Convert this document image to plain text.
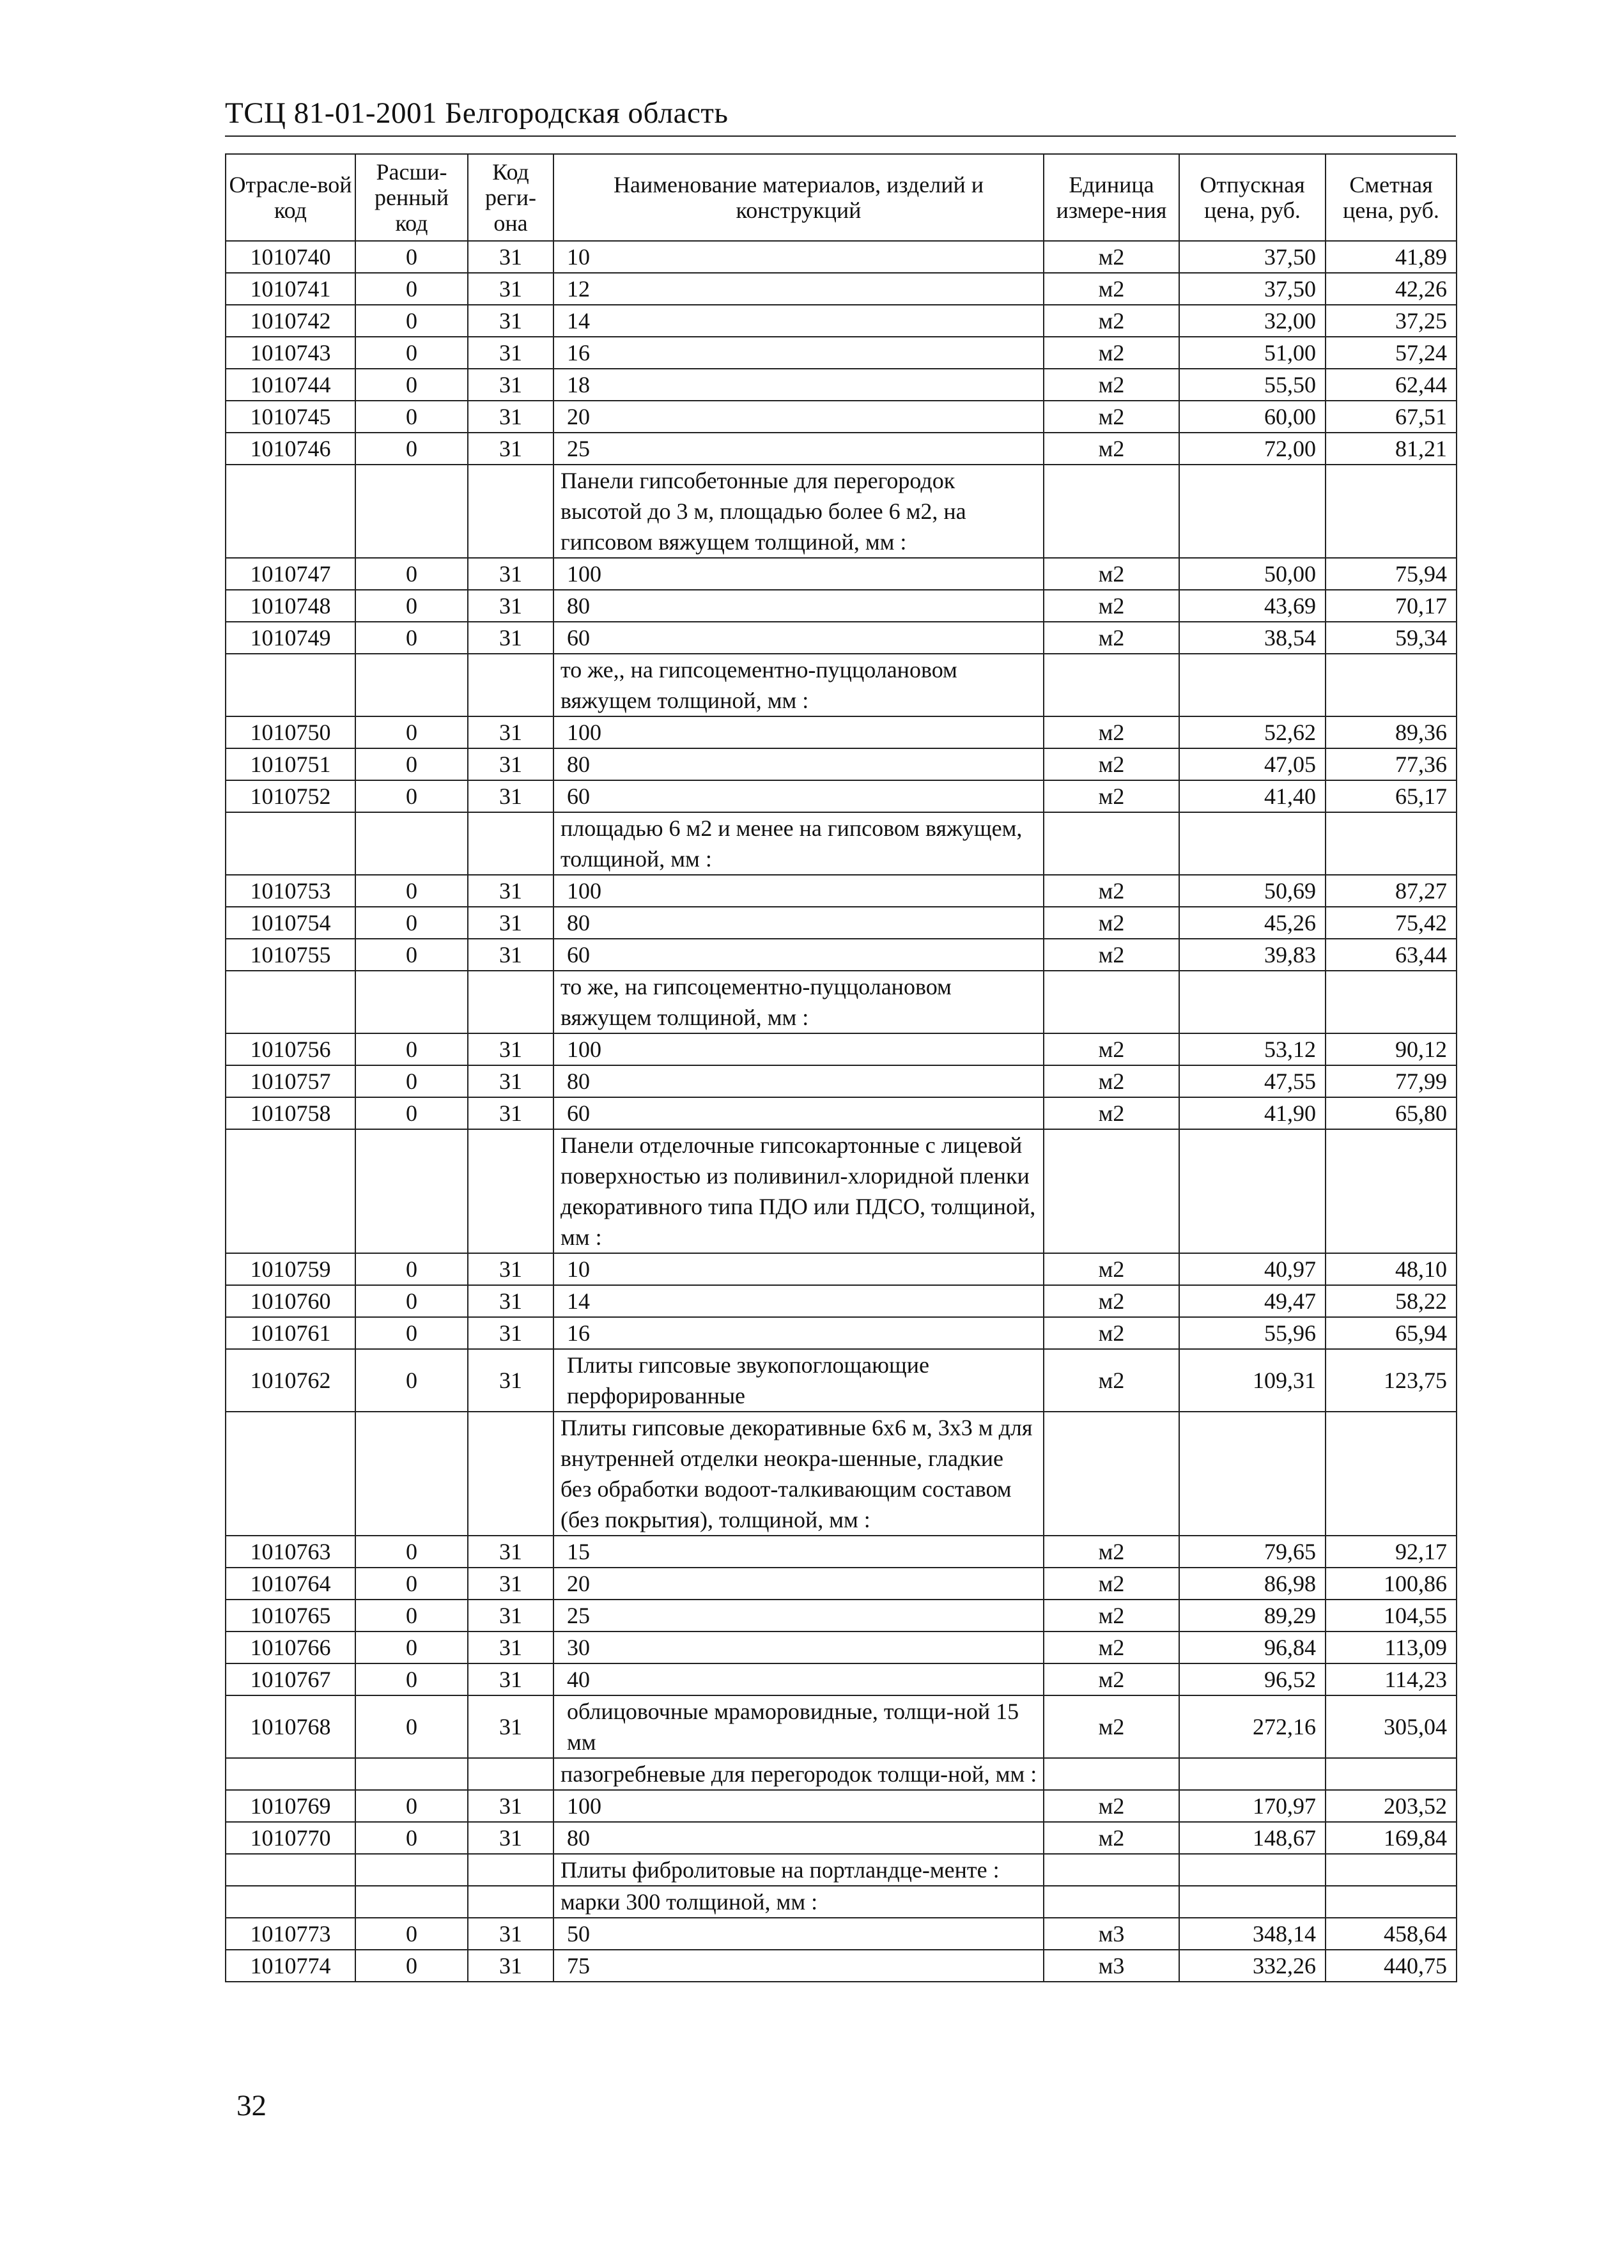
ТСЦ 81-01-2001 Белгородская область
Отрасле-вой код	Расши-ренный код	Код реги-она	Наименование материалов, изделий и конструкций	Единица измере-ния	Отпускная цена, руб.	Сметная цена, руб.
1010740	0	31	10	м2	37,50	41,89
1010741	0	31	12	м2	37,50	42,26
1010742	0	31	14	м2	32,00	37,25
1010743	0	31	16	м2	51,00	57,24
1010744	0	31	18	м2	55,50	62,44
1010745	0	31	20	м2	60,00	67,51
1010746	0	31	25	м2	72,00	81,21
			Панели гипсобетонные для перегородок высотой до 3 м, площадью более 6 м2, на гипсовом вяжущем толщиной, мм :			
1010747	0	31	100	м2	50,00	75,94
1010748	0	31	80	м2	43,69	70,17
1010749	0	31	60	м2	38,54	59,34
			то же,, на гипсоцементно-пуццолановом вяжущем толщиной, мм :			
1010750	0	31	100	м2	52,62	89,36
1010751	0	31	80	м2	47,05	77,36
1010752	0	31	60	м2	41,40	65,17
			площадью 6 м2 и менее на гипсовом вяжущем, толщиной, мм :			
1010753	0	31	100	м2	50,69	87,27
1010754	0	31	80	м2	45,26	75,42
1010755	0	31	60	м2	39,83	63,44
			то же, на гипсоцементно-пуццолановом вяжущем толщиной, мм :			
1010756	0	31	100	м2	53,12	90,12
1010757	0	31	80	м2	47,55	77,99
1010758	0	31	60	м2	41,90	65,80
			Панели отделочные гипсокартонные с лицевой поверхностью из поливинил-хлоридной пленки декоративного типа ПДО или ПДСО, толщиной, мм :			
1010759	0	31	10	м2	40,97	48,10
1010760	0	31	14	м2	49,47	58,22
1010761	0	31	16	м2	55,96	65,94
1010762	0	31	Плиты гипсовые звукопоглощающие перфорированные	м2	109,31	123,75
			Плиты гипсовые декоративные 6х6 м, 3х3 м для внутренней отделки неокра-шенные, гладкие без обработки водоот-талкивающим составом (без покрытия), толщиной, мм :			
1010763	0	31	15	м2	79,65	92,17
1010764	0	31	20	м2	86,98	100,86
1010765	0	31	25	м2	89,29	104,55
1010766	0	31	30	м2	96,84	113,09
1010767	0	31	40	м2	96,52	114,23
1010768	0	31	облицовочные мраморовидные, толщи-ной 15 мм	м2	272,16	305,04
			пазогребневые для перегородок толщи-ной, мм :			
1010769	0	31	100	м2	170,97	203,52
1010770	0	31	80	м2	148,67	169,84
			Плиты фибролитовые на портландце-менте :			
			марки 300 толщиной, мм :			
1010773	0	31	50	м3	348,14	458,64
1010774	0	31	75	м3	332,26	440,75
32
